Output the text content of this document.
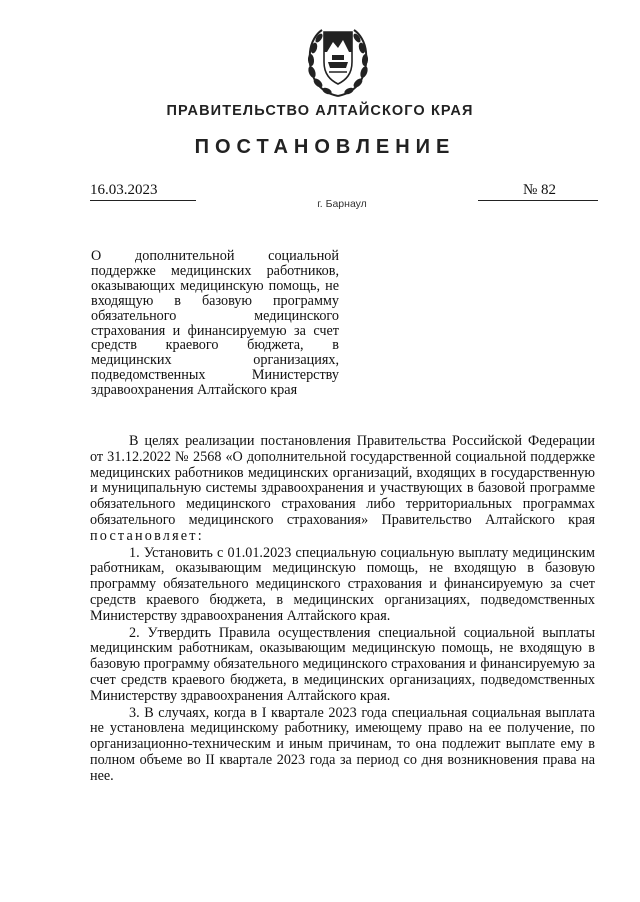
ПРАВИТЕЛЬСТВО АЛТАЙСКОГО КРАЯ
ПОСТАНОВЛЕНИЕ
16.03.2023	№ 82
г. Барнаул
О дополнительной социальной поддержке медицинских работников, оказывающих медицинскую помощь, не входящую в базовую программу обязательного медицинского страхования и финансируемую за счет средств краевого бюджета, в медицинских организациях, подведомственных Министерству здравоохранения Алтайского края

В целях реализации постановления Правительства Российской Федерации от 31.12.2022 № 2568 «О дополнительной государственной социальной поддержке медицинских работников медицинских организаций, входящих в государственную и муниципальную системы здравоохранения и участвующих в базовой программе обязательного медицинского страхования либо территориальных программах обязательного медицинского страхования» Правительство Алтайского края постановляет:

1. Установить с 01.01.2023 специальную социальную выплату медицинским работникам, оказывающим медицинскую помощь, не входящую в базовую программу обязательного медицинского страхования и финансируемую за счет средств краевого бюджета, в медицинских организациях, подведомственных Министерству здравоохранения Алтайского края.

2. Утвердить Правила осуществления специальной социальной выплаты медицинским работникам, оказывающим медицинскую помощь, не входящую в базовую программу обязательного медицинского страхования и финансируемую за счет средств краевого бюджета, в медицинских организациях, подведомственных Министерству здравоохранения Алтайского края.

3. В случаях, когда в I квартале 2023 года специальная социальная выплата не установлена медицинскому работнику, имеющему право на ее получение, по организационно-техническим и иным причинам, то она подлежит выплате ему в полном объеме во II квартале 2023 года за период со дня возникновения права на нее.
